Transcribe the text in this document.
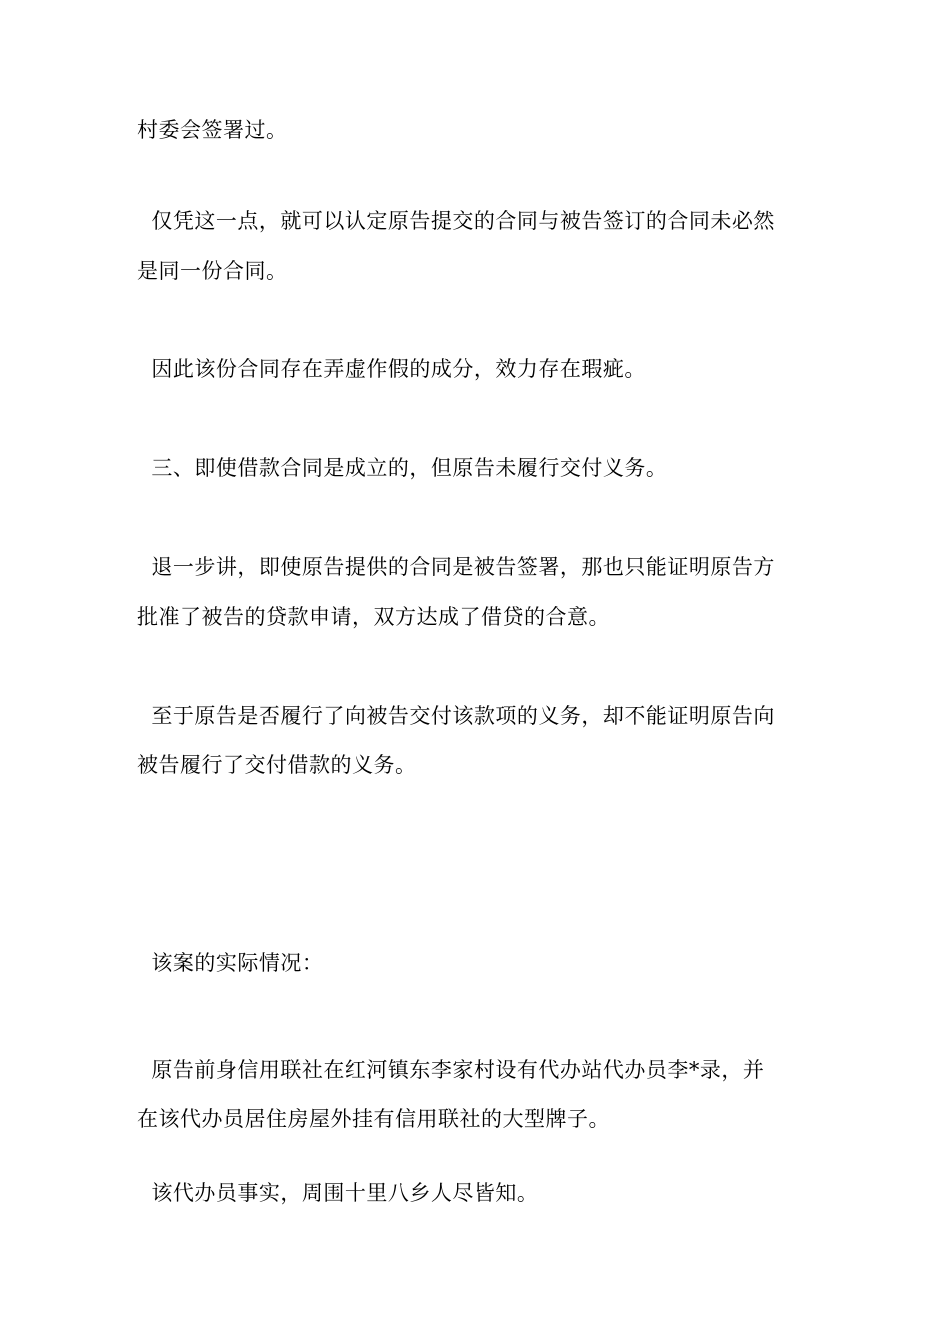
村委会签署过。
仅凭这一点，就可以认定原告提交的合同与被告签订的合同未必然
是同一份合同。
因此该份合同存在弄虚作假的成分，效力存在瑕疵。
三、即使借款合同是成立的，但原告未履行交付义务。
退一步讲，即使原告提供的合同是被告签署，那也只能证明原告方
批准了被告的贷款申请，双方达成了借贷的合意。
至于原告是否履行了向被告交付该款项的义务，却不能证明原告向
被告履行了交付借款的义务。
该案的实际情况：
原告前身信用联社在红河镇东李家村设有代办站代办员李*录，并
在该代办员居住房屋外挂有信用联社的大型牌子。
该代办员事实，周围十里八乡人尽皆知。
